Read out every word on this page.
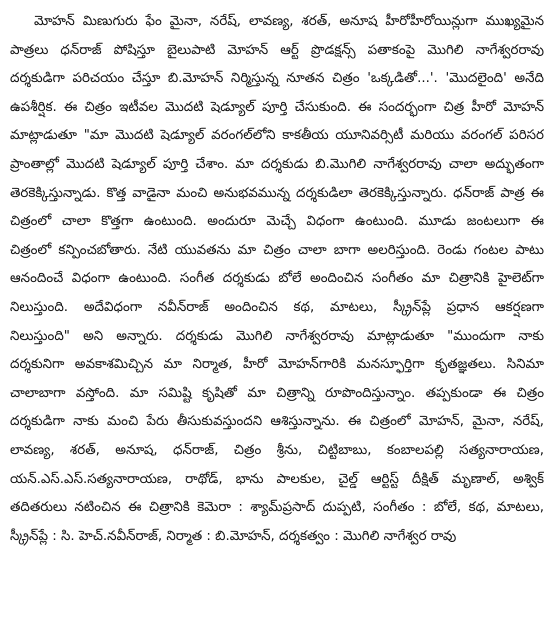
మోహన్ మిణుగురు ఫేం మైనా, నరేష్, లావణ్య, శరత్, అనూష హీరోహీరోయిన్లుగా ముఖ్యమైన
పాత్రలు ధన్‌రాజ్ పోషిస్తూ బైలుపాటి మోహన్ ఆర్ట్ ప్రొడక్షన్స్ పతాకంపై మొగిలి నాగేశ్వరరావు
దర్శకుడిగా పరిచయం చేస్తూ బి.మోహన్ నిర్మిస్తున్న నూతన చిత్రం 'ఒక్కడితో...'. 'మొదలైంది' అనేది
ఉపశీర్షిక. ఈ చిత్రం ఇటీవల మొదటి షెడ్యూల్ పూర్తి చేసుకుంది. ఈ సందర్భంగా చిత్ర హీరో మోహన్
మాట్లాడుతూ "మా మొదటి షెడ్యూల్ వరంగల్‌లోని కాకతీయ యూనివర్సిటీ మరియు వరంగల్ పరిసర
ప్రాంతాల్లో మొదటి షెడ్యూల్ పూర్తి చేశాం. మా దర్శకుడు బి.మొగిలి నాగేశ్వరరావు చాలా అద్భుతంగా
తెరకెక్కిస్తున్నాడు. కొత్త వాడైనా మంచి అనుభవమున్న దర్శకుడిలా తెరకెక్కిస్తున్నారు. ధన్‌రాజ్ పాత్ర ఈ
చిత్రంలో చాలా కొత్తగా ఉంటుంది. అందురూ మెచ్చే విధంగా ఉంటుంది. మూడు జంటలుగా ఈ
చిత్రంలో కన్పించబోతారు. నేటి యువతను మా చిత్రం చాలా బాగా అలరిస్తుంది. రెండు గంటల పాటు
ఆనందించే విధంగా ఉంటుంది. సంగీత దర్శకుడు బోలే అందించిన సంగీతం మా చిత్రానికి హైలెట్‌గా
నిలుస్తుంది. అదేవిధంగా నవీన్‌రాజ్ అందించిన కథ, మాటలు, స్క్రీన్‌ప్లే ప్రధాన ఆకర్షణగా
నిలుస్తుంది" అని అన్నారు. దర్శకుడు మొగిలి నాగేశ్వరరావు మాట్లాడుతూ "ముందుగా నాకు
దర్శకునిగా అవకాశమిచ్చిన మా నిర్మాత, హీరో మోహన్‌గారికి మనస్ఫూర్తిగా కృతజ్ఞతలు. సినిమా
చాలాబాగా వస్తోంది. మా సమిష్టి కృషితో మా చిత్రాన్ని రూపొందిస్తున్నాం. తప్పకుండా ఈ చిత్రం
దర్శకుడిగా నాకు మంచి పేరు తీసుకువస్తుందని ఆశిస్తున్నాను. ఈ చిత్రంలో మోహన్, మైనా, నరేష్,
లావణ్య, శరత్, అనూష, ధన్‌రాజ్, చిత్రం శ్రీను, చిట్టిబాబు, కంబాలపల్లి సత్యనారాయణ,
యన్.ఎస్.ఎస్.సత్యనారాయణ, రాథోడ్, భాను పాలకుల, చైల్డ్ ఆర్టిస్ట్ దీక్షిత్ మృణాల్, అశ్విక్
తదితరులు నటించిన ఈ చిత్రానికి కెమెరా : శ్యామ్‌ప్రసాద్ దుప్పటి, సంగీతం : బోలే, కథ, మాటలు,
స్క్రీన్‌ప్లే : సి. హెచ్.నవీన్‌రాజ్, నిర్మాత : బి.మోహన్, దర్శకత్వం : మొగిలి నాగేశ్వర రావు
